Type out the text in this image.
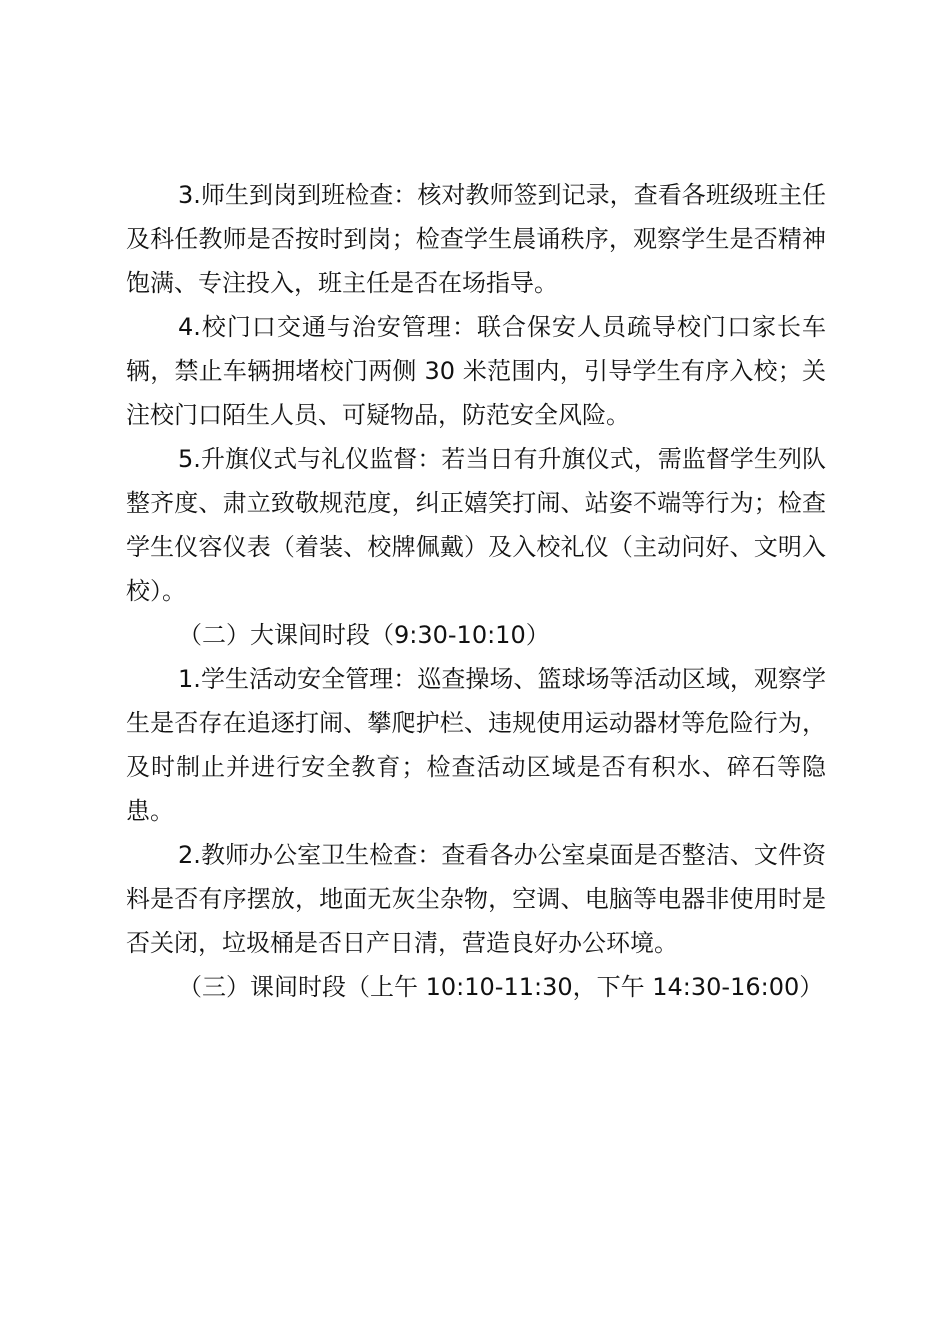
3.师生到岗到班检查：核对教师签到记录，查看各班级班主任及科任教师是否按时到岗；检查学生晨诵秩序，观察学生是否精神饱满、专注投入，班主任是否在场指导。

4.校门口交通与治安管理：联合保安人员疏导校门口家长车辆，禁止车辆拥堵校门两侧 30 米范围内，引导学生有序入校；关注校门口陌生人员、可疑物品，防范安全风险。

5.升旗仪式与礼仪监督：若当日有升旗仪式，需监督学生列队整齐度、肃立致敬规范度，纠正嬉笑打闹、站姿不端等行为；检查学生仪容仪表（着装、校牌佩戴）及入校礼仪（主动问好、文明入校）。

（二）大课间时段（9:30-10:10）

1.学生活动安全管理：巡查操场、篮球场等活动区域，观察学生是否存在追逐打闹、攀爬护栏、违规使用运动器材等危险行为，及时制止并进行安全教育；检查活动区域是否有积水、碎石等隐患。

2.教师办公室卫生检查：查看各办公室桌面是否整洁、文件资料是否有序摆放，地面无灰尘杂物，空调、电脑等电器非使用时是否关闭，垃圾桶是否日产日清，营造良好办公环境。

（三）课间时段（上午 10:10-11:30，下午 14:30-16:00）
